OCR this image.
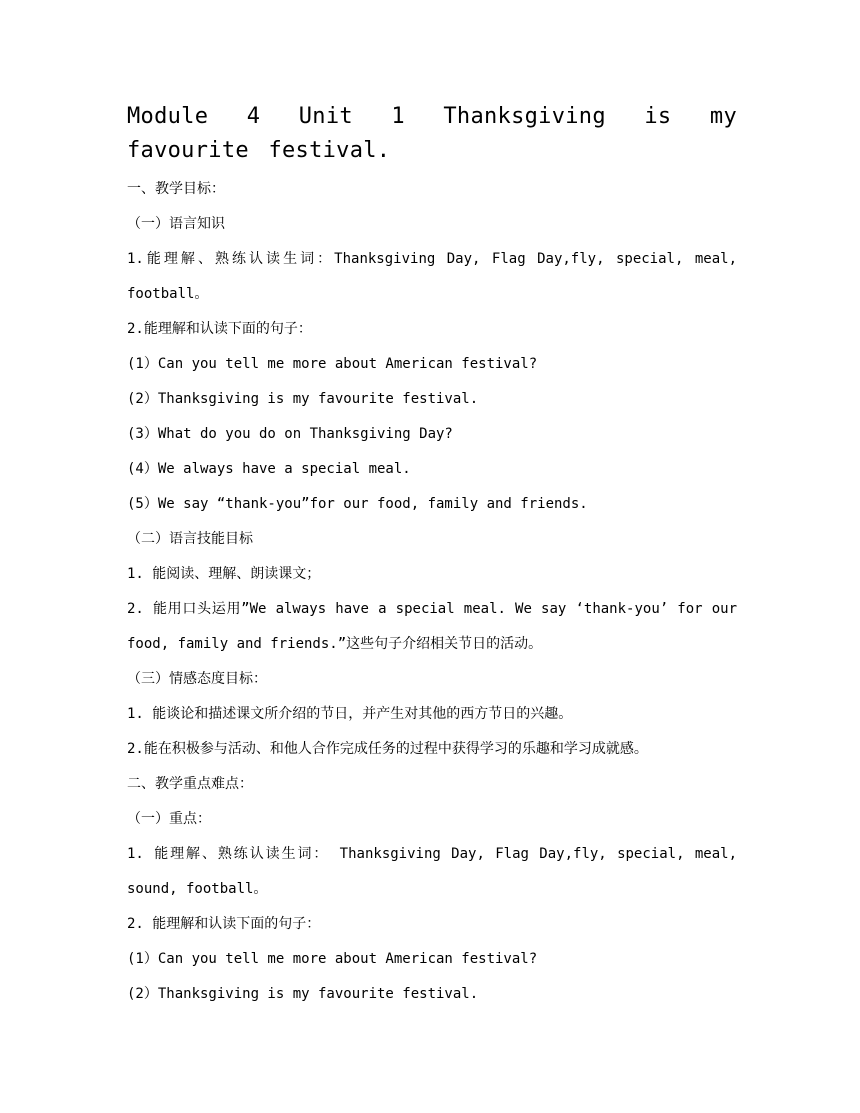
Module 4 Unit 1 Thanksgiving is my favourite festival.
一、教学目标：
（一）语言知识
1.能理解、熟练认读生词：Thanksgiving Day, Flag Day,fly, special, meal,
football。
2.能理解和认读下面的句子：
(1）Can you tell me more about American festival?
(2）Thanksgiving is my favourite festival.
(3）What do you do on Thanksgiving Day?
(4）We always have a special meal.
(5）We say “thank-you”for our food, family and friends.
（二）语言技能目标
1. 能阅读、理解、朗读课文；
2. 能用口头运用”We always have a special meal. We say ‘thank-you’ for our
food, family and friends.”这些句子介绍相关节日的活动。
（三）情感态度目标：
1. 能谈论和描述课文所介绍的节日，并产生对其他的西方节日的兴趣。
2.能在积极参与活动、和他人合作完成任务的过程中获得学习的乐趣和学习成就感。
二、教学重点难点：
（一）重点：
1. 能理解、熟练认读生词： Thanksgiving Day, Flag Day,fly, special, meal,
sound, football。
2. 能理解和认读下面的句子：
(1）Can you tell me more about American festival?
(2）Thanksgiving is my favourite festival.
